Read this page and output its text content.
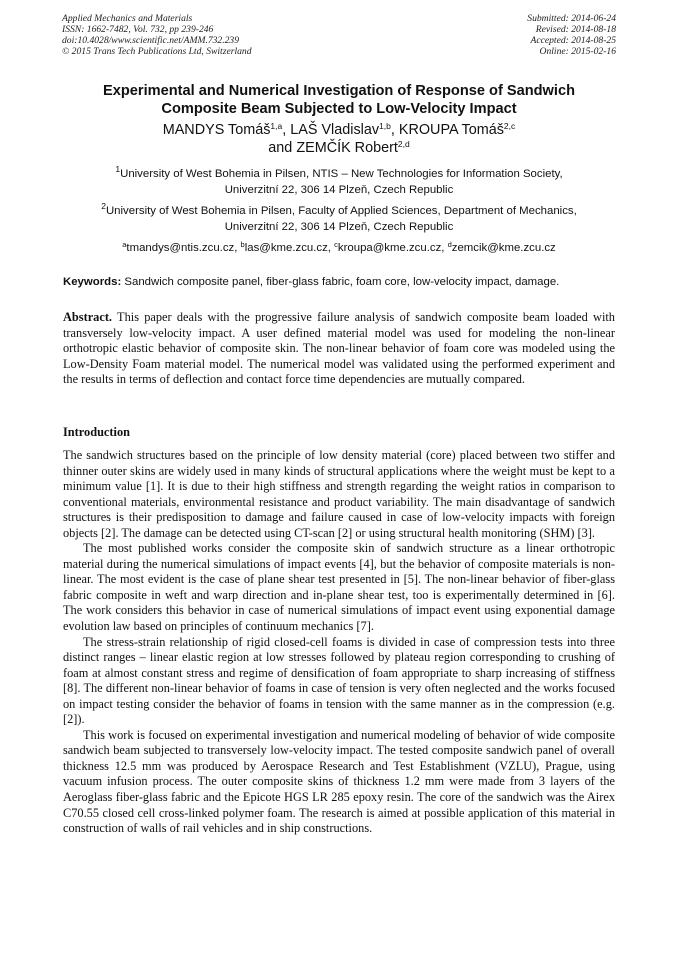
Applied Mechanics and Materials
ISSN: 1662-7482, Vol. 732, pp 239-246
doi:10.4028/www.scientific.net/AMM.732.239
© 2015 Trans Tech Publications Ltd, Switzerland
Submitted: 2014-06-24
Revised: 2014-08-18
Accepted: 2014-08-25
Online: 2015-02-16
Experimental and Numerical Investigation of Response of Sandwich
Composite Beam Subjected to Low-Velocity Impact
MANDYS Tomáš$^{1,a}$, LAŠ Vladislav$^{1,b}$, KROUPA Tomáš$^{2,c}$
and ZEMČÍK Robert$^{2,d}$
$^1$University of West Bohemia in Pilsen, NTIS – New Technologies for Information Society,
Univerzitní 22, 306 14 Plzeň, Czech Republic
$^2$University of West Bohemia in Pilsen, Faculty of Applied Sciences, Department of Mechanics,
Univerzitní 22, 306 14 Plzeň, Czech Republic
$^a$tmandys@ntis.zcu.cz, $^b$las@kme.zcu.cz, $^c$kroupa@kme.zcu.cz, $^d$zemcik@kme.zcu.cz
Keywords: Sandwich composite panel, fiber-glass fabric, foam core, low-velocity impact, damage.
Abstract. This paper deals with the progressive failure analysis of sandwich composite beam loaded with transversely low-velocity impact. A user defined material model was used for modeling the non-linear orthotropic elastic behavior of composite skin. The non-linear behavior of foam core was modeled using the Low-Density Foam material model. The numerical model was validated using the performed experiment and the results in terms of deflection and contact force time dependencies are mutually compared.
Introduction

The sandwich structures based on the principle of low density material (core) placed between two stiffer and thinner outer skins are widely used in many kinds of structural applications where the weight must be kept to a minimum value [1]. It is due to their high stiffness and strength regarding the weight ratios in comparison to conventional materials, environmental resistance and product variability. The main disadvantage of sandwich structures is their predisposition to damage and failure caused in case of low-velocity impacts with foreign objects [2]. The damage can be detected using CT-scan [2] or using structural health monitoring (SHM) [3].

The most published works consider the composite skin of sandwich structure as a linear orthotropic material during the numerical simulations of impact events [4], but the behavior of composite materials is non-linear. The most evident is the case of plane shear test presented in [5]. The non-linear behavior of fiber-glass fabric composite in weft and warp direction and in-plane shear test, too is experimentally determined in [6]. The work considers this behavior in case of numerical simulations of impact event using exponential damage evolution law based on principles of continuum mechanics [7].

The stress-strain relationship of rigid closed-cell foams is divided in case of compression tests into three distinct ranges – linear elastic region at low stresses followed by plateau region corresponding to crushing of foam at almost constant stress and regime of densification of foam appropriate to sharp increasing of stiffness [8]. The different non-linear behavior of foams in case of tension is very often neglected and the works focused on impact testing consider the behavior of foams in tension with the same manner as in the compression (e.g. [2]).

This work is focused on experimental investigation and numerical modeling of behavior of wide composite sandwich beam subjected to transversely low-velocity impact. The tested composite sandwich panel of overall thickness 12.5 mm was produced by Aerospace Research and Test Establishment (VZLU), Prague, using vacuum infusion process. The outer composite skins of thickness 1.2 mm were made from 3 layers of the Aeroglass fiber-glass fabric and the Epicote HGS LR 285 epoxy resin. The core of the sandwich was the Airex C70.55 closed cell cross-linked polymer foam. The research is aimed at possible application of this material in construction of walls of rail vehicles and in ship constructions.
